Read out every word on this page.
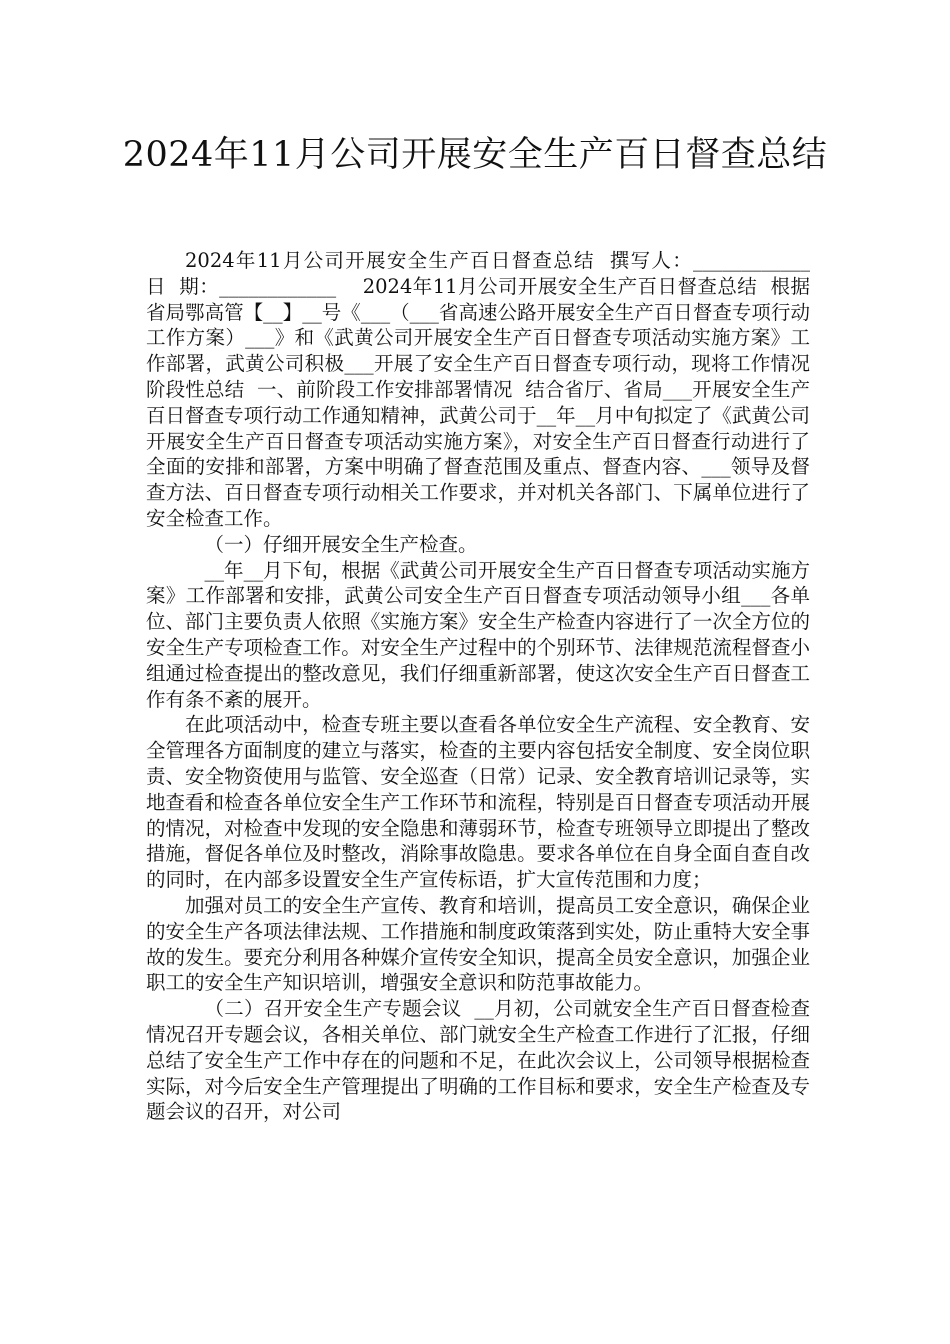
2024年11月公司开展安全生产百日督查总结

2024年11月公司开展安全生产百日督查总结  撰写人：____________  日  期：____________    2024年11月公司开展安全生产百日督查总结  根据省局鄂高管【__】__号《___（___省高速公路开展安全生产百日督查专项行动工作方案）___》和《武黄公司开展安全生产百日督查专项活动实施方案》工作部署，武黄公司积极___开展了安全生产百日督查专项行动，现将工作情况阶段性总结  一、前阶段工作安排部署情况  结合省厅、省局___开展安全生产百日督查专项行动工作通知精神，武黄公司于__年__月中旬拟定了《武黄公司开展安全生产百日督查专项活动实施方案》，对安全生产百日督查行动进行了全面的安排和部署，方案中明确了督查范围及重点、督查内容、___领导及督查方法、百日督查专项行动相关工作要求，并对机关各部门、下属单位进行了安全检查工作。

（一）仔细开展安全生产检查。

__年__月下旬，根据《武黄公司开展安全生产百日督查专项活动实施方案》工作部署和安排，武黄公司安全生产百日督查专项活动领导小组___各单位、部门主要负责人依照《实施方案》安全生产检查内容进行了一次全方位的安全生产专项检查工作。对安全生产过程中的个别环节、法律规范流程督查小组通过检查提出的整改意见，我们仔细重新部署，使这次安全生产百日督查工作有条不紊的展开。

在此项活动中，检查专班主要以查看各单位安全生产流程、安全教育、安全管理各方面制度的建立与落实，检查的主要内容包括安全制度、安全岗位职责、安全物资使用与监管、安全巡查（日常）记录、安全教育培训记录等，实地查看和检查各单位安全生产工作环节和流程，特别是百日督查专项活动开展的情况，对检查中发现的安全隐患和薄弱环节，检查专班领导立即提出了整改措施，督促各单位及时整改，消除事故隐患。要求各单位在自身全面自查自改的同时，在内部多设置安全生产宣传标语，扩大宣传范围和力度；

加强对员工的安全生产宣传、教育和培训，提高员工安全意识，确保企业的安全生产各项法律法规、工作措施和制度政策落到实处，防止重特大安全事故的发生。要充分利用各种媒介宣传安全知识，提高全员安全意识，加强企业职工的安全生产知识培训，增强安全意识和防范事故能力。

（二）召开安全生产专题会议  __月初，公司就安全生产百日督查检查情况召开专题会议，各相关单位、部门就安全生产检查工作进行了汇报，仔细总结了安全生产工作中存在的问题和不足，在此次会议上，公司领导根据检查实际，对今后安全生产管理提出了明确的工作目标和要求，安全生产检查及专题会议的召开，对公司
